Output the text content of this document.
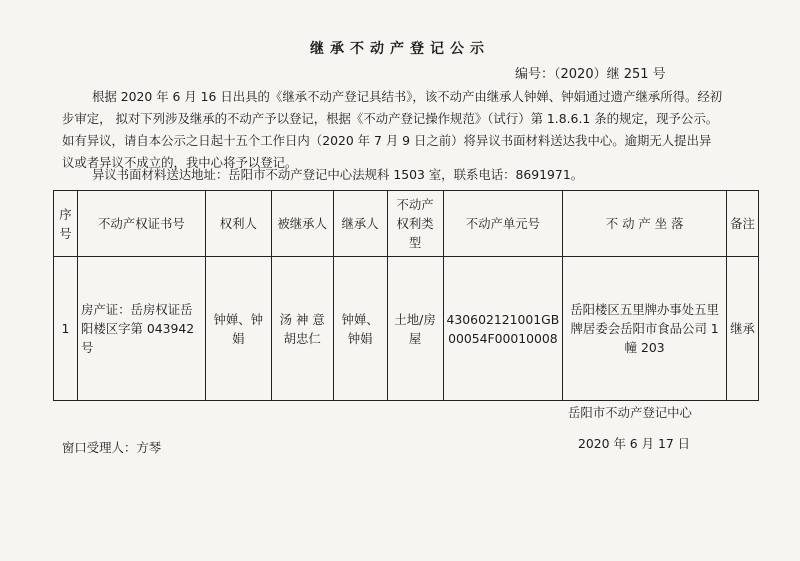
继承不动产登记公示
编号：（2020）继 251 号
根据 2020 年 6 月 16 日出具的《继承不动产登记具结书》，该不动产由继承人钟婵、钟娟通过遗产继承所得。经初
步审定， 拟对下列涉及继承的不动产予以登记，根据《不动产登记操作规范》（试行）第 1.8.6.1 条的规定，现予公示。
如有异议，请自本公示之日起十五个工作日内（2020 年 7 月 9 日之前）将异议书面材料送达我中心。逾期无人提出异
议或者异议不成立的，我中心将予以登记。
异议书面材料送达地址：岳阳市不动产登记中心法规科 1503 室，联系电话：8691971。
序号	不动产权证书号	权利人	被继承人	继承人	不动产权利类型	不动产单元号	不 动 产 坐 落	备注
1	房产证：岳房权证岳阳楼区字第 043942 号	钟婵、钟娟	汤 神 意 胡忠仁	钟婵、钟娟	土地/房屋	430602121001GB00054F00010008	岳阳楼区五里牌办事处五里牌居委会岳阳市食品公司 1 幢 203	继承
岳阳市不动产登记中心
窗口受理人：方琴	2020 年 6 月 17 日
